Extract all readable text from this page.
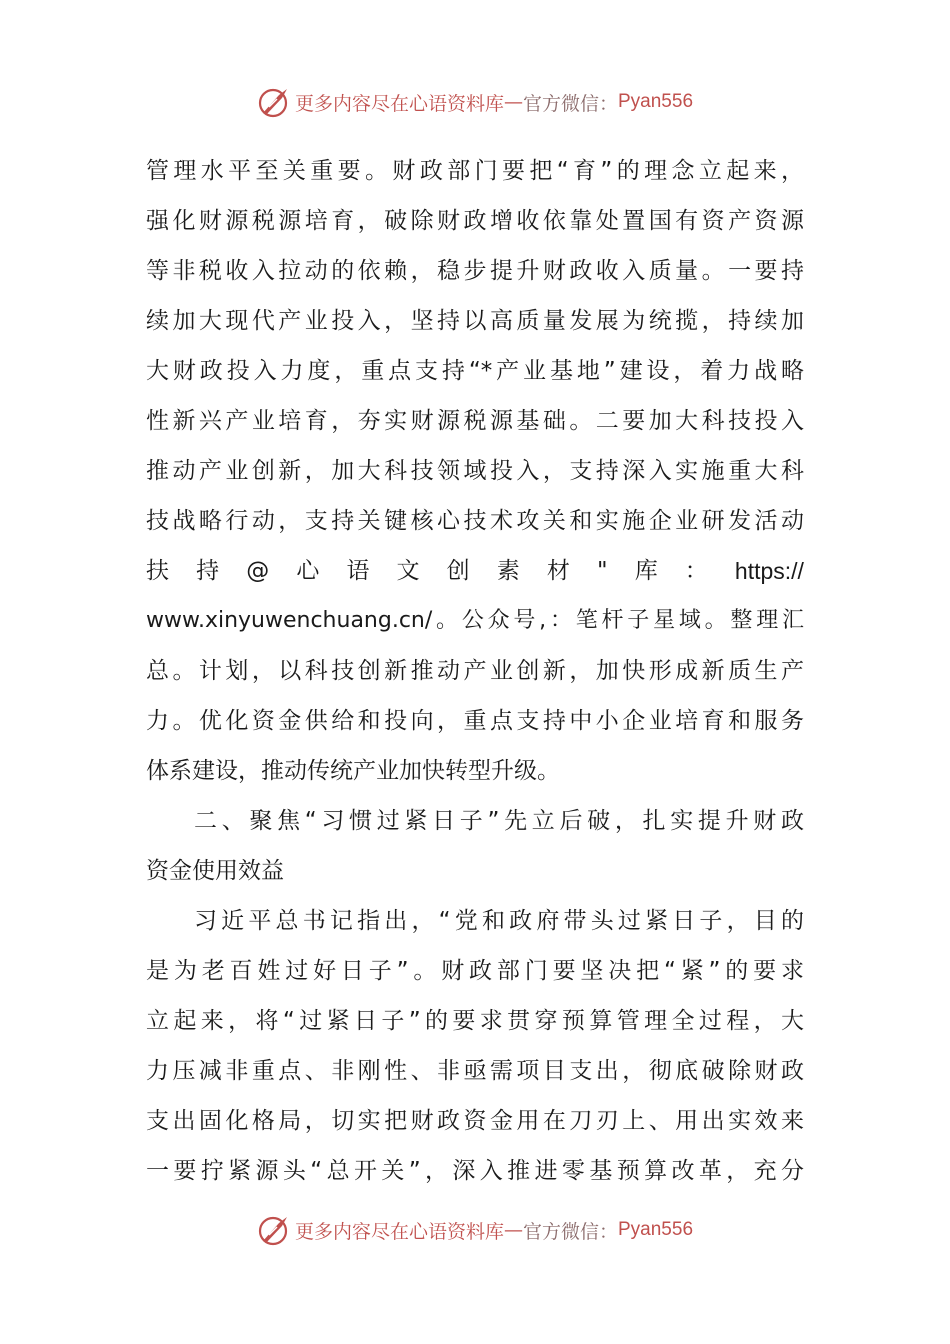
更多内容尽在心语资料库 — 官方微信： Pyan556
管理水平至关重要。财政部门要把“育”的理念立起来，
强化财源税源培育，破除财政增收依靠处置国有资产资源
等非税收入拉动的依赖，稳步提升财政收入质量。一要持
续加大现代产业投入，坚持以高质量发展为统揽，持续加
大财政投入力度，重点支持“*产业基地”建设，着力战略
性新兴产业培育，夯实财源税源基础。二要加大科技投入
推动产业创新，加大科技领域投入，支持深入实施重大科
技战略行动，支持关键核心技术攻关和实施企业研发活动
扶 持 @ 心 语 文 创 素 材 " 库 ： https://
www.xinyuwenchuang.cn/。公众号,：笔杆子星域。整理汇
总。计划，以科技创新推动产业创新，加快形成新质生产
力。优化资金供给和投向，重点支持中小企业培育和服务
体系建设，推动传统产业加快转型升级。
二、聚焦“习惯过紧日子”先立后破，扎实提升财政
资金使用效益
习近平总书记指出，“党和政府带头过紧日子，目的
是为老百姓过好日子”。财政部门要坚决把“紧”的要求
立起来，将“过紧日子”的要求贯穿预算管理全过程，大
力压减非重点、非刚性、非亟需项目支出，彻底破除财政
支出固化格局，切实把财政资金用在刀刃上、用出实效来
一要拧紧源头“总开关”，深入推进零基预算改革，充分
更多内容尽在心语资料库 — 官方微信： Pyan556
